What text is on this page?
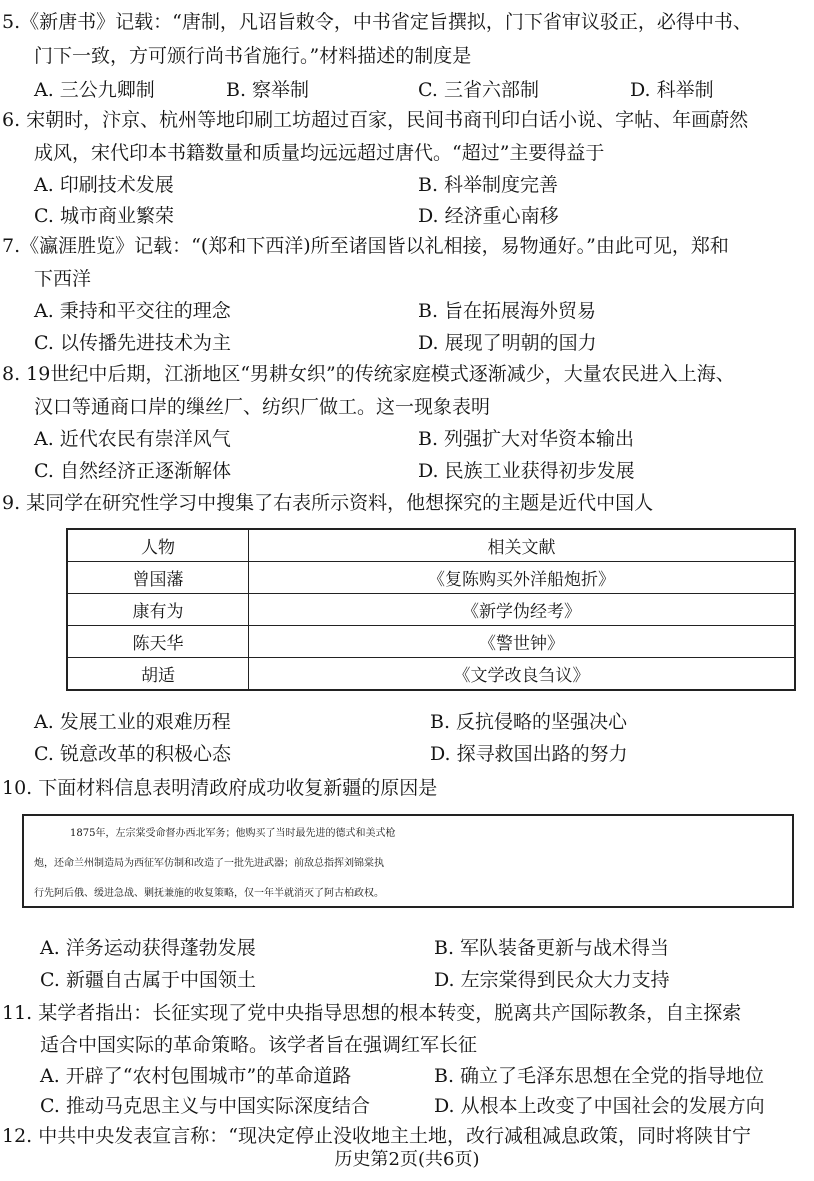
5.《新唐书》记载：“唐制，凡诏旨敕令，中书省定旨撰拟，门下省审议驳正，必得中书、
门下一致，方可颁行尚书省施行。”材料描述的制度是
A. 三公九卿制	B. 察举制	C. 三省六部制	D. 科举制
6. 宋朝时，汴京、杭州等地印刷工坊超过百家，民间书商刊印白话小说、字帖、年画蔚然
成风，宋代印本书籍数量和质量均远远超过唐代。“超过”主要得益于
A. 印刷技术发展	B. 科举制度完善
C. 城市商业繁荣	D. 经济重心南移
7.《瀛涯胜览》记载：“(郑和下西洋)所至诸国皆以礼相接，易物通好。”由此可见，郑和
下西洋
A. 秉持和平交往的理念	B. 旨在拓展海外贸易
C. 以传播先进技术为主	D. 展现了明朝的国力
8. 19世纪中后期，江浙地区“男耕女织”的传统家庭模式逐渐减少，大量农民进入上海、
汉口等通商口岸的缫丝厂、纺织厂做工。这一现象表明
A. 近代农民有崇洋风气	B. 列强扩大对华资本输出
C. 自然经济正逐渐解体	D. 民族工业获得初步发展
9. 某同学在研究性学习中搜集了右表所示资料，他想探究的主题是近代中国人
人物	相关文献
曾国藩	《复陈购买外洋船炮折》
康有为	《新学伪经考》
陈天华	《警世钟》
胡适	《文学改良刍议》
A. 发展工业的艰难历程	B. 反抗侵略的坚强决心
C. 锐意改革的积极心态	D. 探寻救国出路的努力
10. 下面材料信息表明清政府成功收复新疆的原因是
1875年，左宗棠受命督办西北军务；他购买了当时最先进的德式和美式枪
炮，还命兰州制造局为西征军仿制和改造了一批先进武器；前敌总指挥刘锦棠执
行先阿后俄、缓进急战、剿抚兼施的收复策略，仅一年半就消灭了阿古柏政权。
A. 洋务运动获得蓬勃发展	B. 军队装备更新与战术得当
C. 新疆自古属于中国领土	D. 左宗棠得到民众大力支持
11. 某学者指出：长征实现了党中央指导思想的根本转变，脱离共产国际教条，自主探索
适合中国实际的革命策略。该学者旨在强调红军长征
A. 开辟了“农村包围城市”的革命道路	B. 确立了毛泽东思想在全党的指导地位
C. 推动马克思主义与中国实际深度结合	D. 从根本上改变了中国社会的发展方向
12. 中共中央发表宣言称：“现决定停止没收地主土地，改行减租减息政策，同时将陕甘宁
历史第2页(共6页)
